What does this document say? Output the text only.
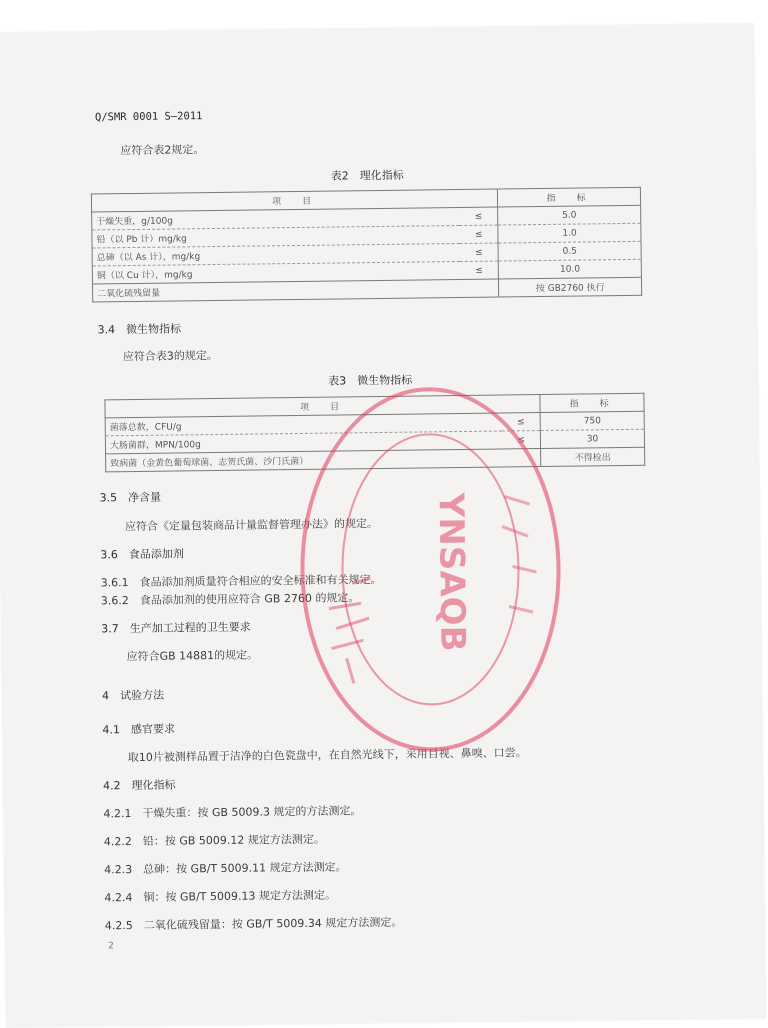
Q/SMR 0001 S—2011
应符合表2规定。
表2　理化指标
项　目		指　标
干燥失重，g/100g	≤	5.0
铅（以 Pb 计）mg/kg	≤	1.0
总砷（以 As 计），mg/kg	≤	0.5
铜（以 Cu 计），mg/kg	≤	10.0
二氧化硫残留量		按 GB2760 执行
3.4　微生物指标
应符合表3的规定。
表3　微生物指标
项　目		指　标
菌落总数，CFU/g	≤	750
大肠菌群，MPN/100g	≤	30
致病菌（金黄色葡萄球菌、志贺氏菌、沙门氏菌）		不得检出
3.5　净含量
应符合《定量包装商品计量监督管理办法》的规定。
3.6　食品添加剂
3.6.1　食品添加剂质量符合相应的安全标准和有关规定。
3.6.2　食品添加剂的使用应符合 GB 2760 的规定。
3.7　生产加工过程的卫生要求
应符合GB 14881的规定。
4　试验方法
4.1　感官要求
取10片被测样品置于洁净的白色瓷盘中，在自然光线下，采用目视、鼻嗅、口尝。
4.2　理化指标
4.2.1　干燥失重：按 GB 5009.3 规定的方法测定。
4.2.2　铅：按 GB 5009.12 规定方法测定。
4.2.3　总砷：按 GB/T 5009.11 规定方法测定。
4.2.4　铜：按 GB/T 5009.13 规定方法测定。
4.2.5　二氧化硫残留量：按 GB/T 5009.34 规定方法测定。
2
YNSAQB
